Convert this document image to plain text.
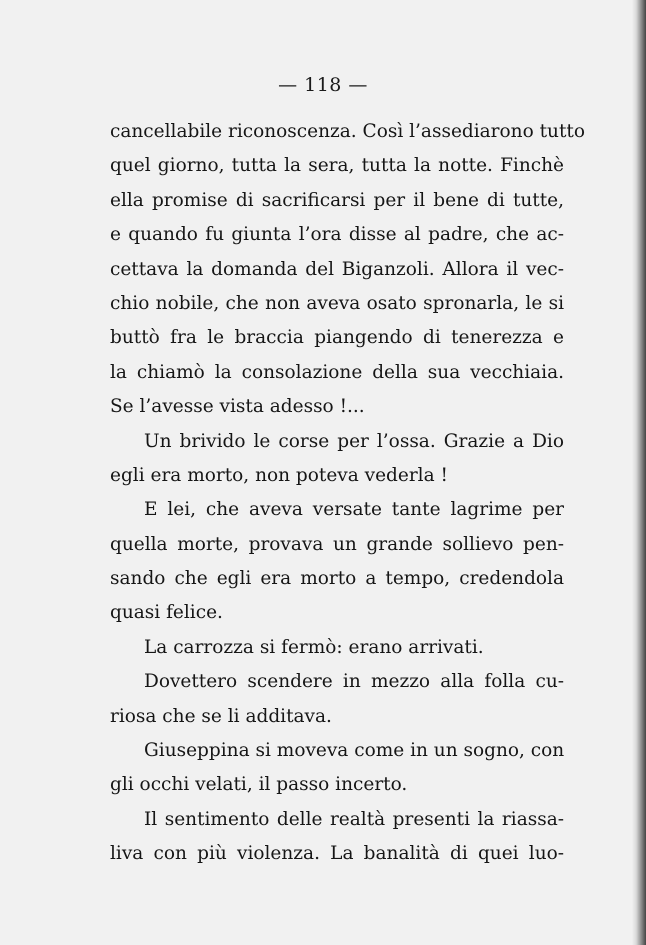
— 118 —
cancellabile riconoscenza. Così l’assediarono tutto
quel giorno, tutta la sera, tutta la notte. Finchè
ella promise di sacrificarsi per il bene di tutte,
e quando fu giunta l’ora disse al padre, che ac-
cettava la domanda del Biganzoli. Allora il vec-
chio nobile, che non aveva osato spronarla, le si
buttò fra le braccia piangendo di tenerezza e
la chiamò la consolazione della sua vecchiaia.
Se l’avesse vista adesso !...
Un brivido le corse per l’ossa. Grazie a Dio
egli era morto, non poteva vederla !
E lei, che aveva versate tante lagrime per
quella morte, provava un grande sollievo pen-
sando che egli era morto a tempo, credendola
quasi felice.
La carrozza si fermò: erano arrivati.
Dovettero scendere in mezzo alla folla cu-
riosa che se li additava.
Giuseppina si moveva come in un sogno, con
gli occhi velati, il passo incerto.
Il sentimento delle realtà presenti la riassa-
liva con più violenza. La banalità di quei luo-
